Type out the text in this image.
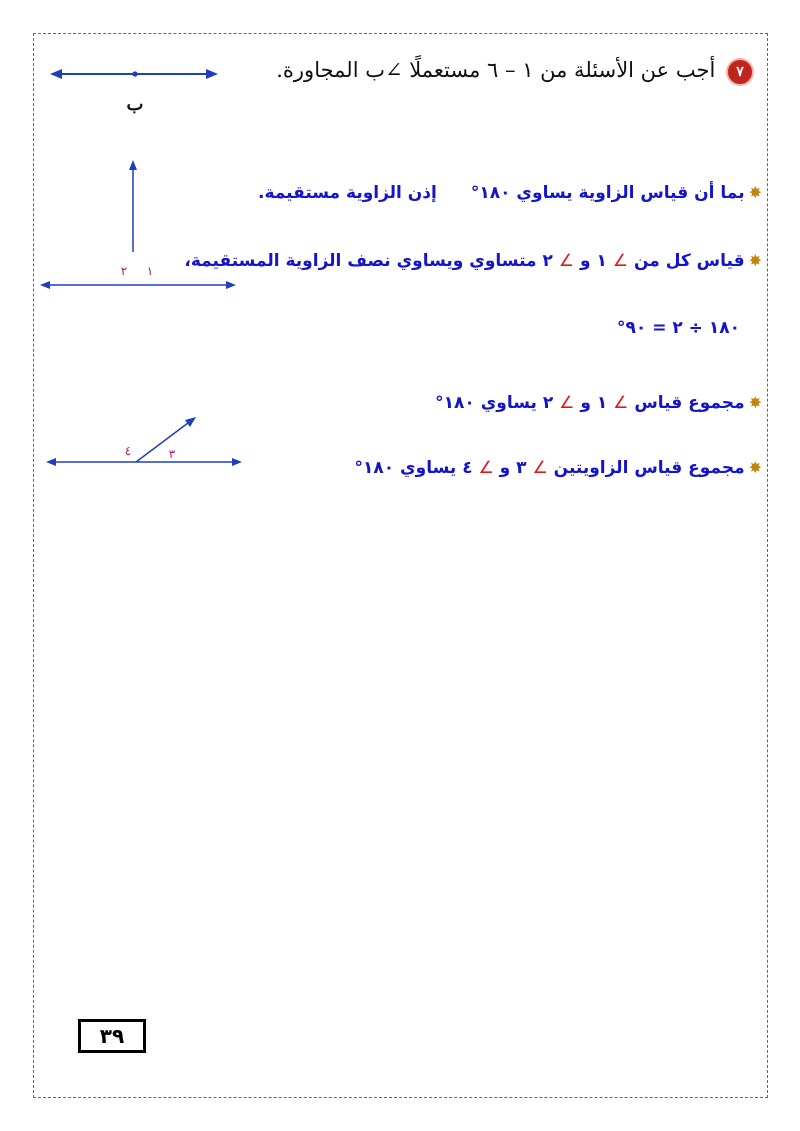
٧ أجب عن الأسئلة من ١ – ٦ مستعملًا ∠ب المجاورة.
ب
✸بما أن قياس الزاوية يساوي ١٨٠°إذن الزاوية مستقيمة.
٢ ١
✸قياس كل من ∠ ١ و ∠ ٢ متساوي ويساوي نصف الزاوية المستقيمة،
١٨٠ ÷ ٢ = ٩٠°
✸مجموع قياس ∠ ١ و ∠ ٢ يساوي ١٨٠°
٤	٣
✸مجموع قياس الزاويتين ∠ ٣ و ∠ ٤ يساوي ١٨٠°
٣٩
